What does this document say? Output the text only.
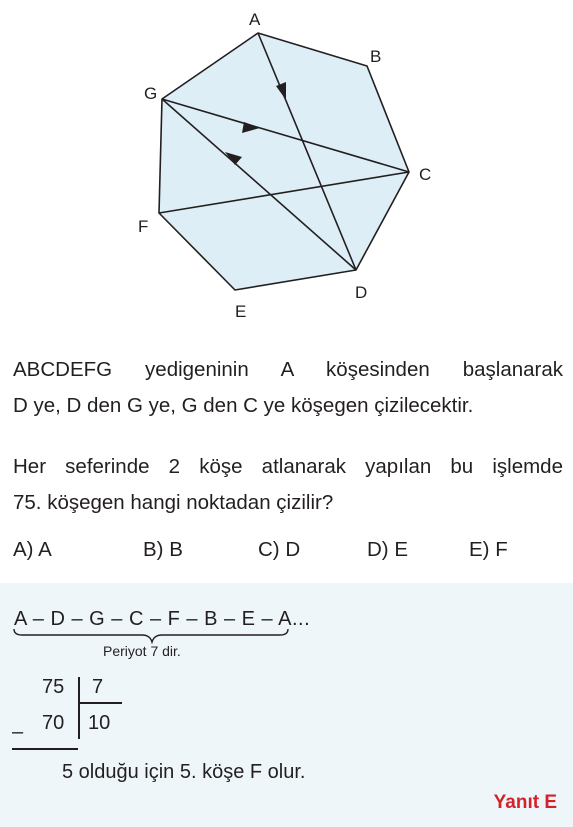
A
B
C
D
E
F
G
ABCDEFG yedigeninin A köşesinden başlanarak
D ye, D den G ye, G den C ye köşegen çizilecektir.
Her seferinde 2 köşe atlanarak yapılan bu işlemde
75. köşegen hangi noktadan çizilir?
A) A	B) B	C) D	D) E	E) F
A – D – G – C – F – B – E – A...
Periyot 7 dir.
75 7
70 10
–
5 olduğu için 5. köşe F olur.
Yanıt E
